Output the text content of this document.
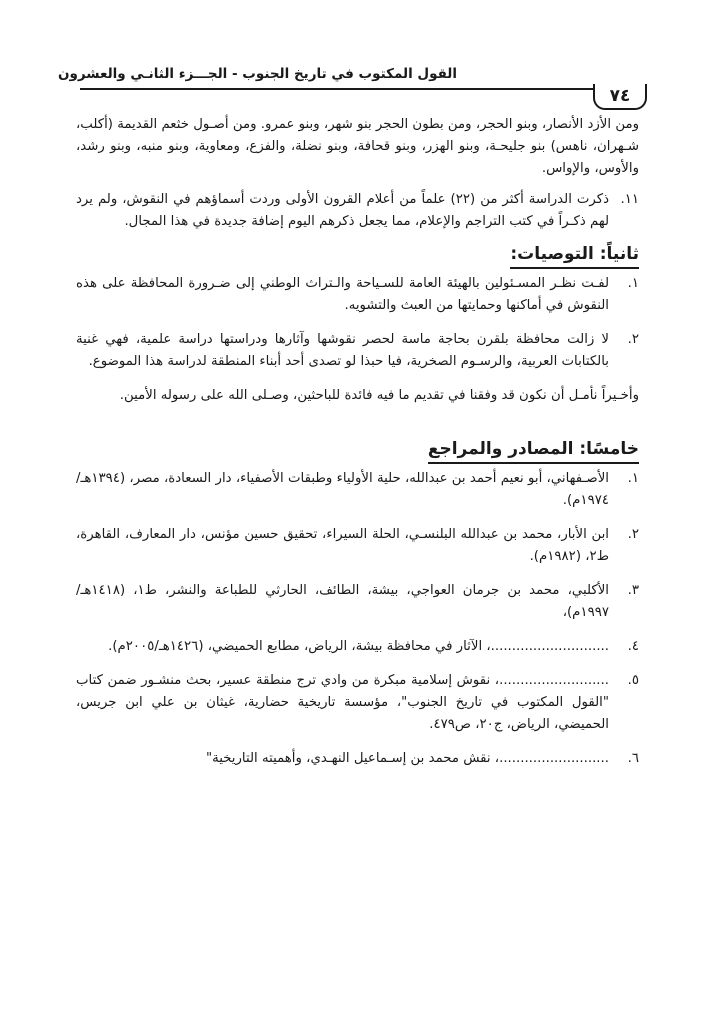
القول المكتوب في تاريخ الجنوب - الجـــزء الثانـي والعشرون
٧٤

ومن الأزد الأنصار، وبنو الحجر، ومن بطون الحجر بنو شهر، وبنو عمرو. ومن أصـول خثعم القديمة (أكلب، شـهران، ناهس) بنو جليحـة، وبنو الهزر، وبنو قحافة، وبنو نضلة، والفزع، ومعاوية، وبنو منبه، وبنو رشد، والأوس، والإواس.

١١.
ذكرت الدراسة أكثر من (٢٢) علماً من أعلام القرون الأولى وردت أسماؤهم في النقوش، ولم يرد لهم ذكـراً في كتب التراجم والإعلام، مما يجعل ذكرهم اليوم إضافة جديدة في هذا المجال.
ثانياً: التوصيات:
١.
لفـت نظـر المسـئولين بالهيئة العامة للسـياحة والـتراث الوطني إلى ضـرورة المحافظة على هذه النقوش في أماكنها وحمايتها من العبث والتشويه.
٢.
لا زالت محافظة بلقرن بحاجة ماسة لحصر نقوشها وآثارها ودراستها دراسة علمية، فهي غنية بالكتابات العربية، والرسـوم الصخرية، فيا حبذا لو تصدى أحد أبناء المنطقة لدراسة هذا الموضوع.

وأخـيراً نأمـل أن نكون قد وفقنا في تقديم ما فيه فائدة للباحثين، وصـلى الله على رسوله الأمين.

خامسًا: المصادر والمراجع
١.
الأصـفهاني، أبو نعيم أحمد بن عبدالله، حلية الأولياء وطبقات الأصفياء، دار السعادة، مصر، (١٣٩٤هـ/١٩٧٤م).
٢.
ابن الأبار، محمد بن عبدالله البلنسـي، الحلة السيراء، تحقيق حسين مؤنس، دار المعارف، القاهرة، ط٢، (١٩٨٢م).
٣.
الأكلبي، محمد بن جرمان العواجي، بيشة، الطائف، الحارثي للطباعة والنشر، ط١، (١٤١٨هـ/١٩٩٧م)،
٤.
............................، الآثار في محافظة بيشة، الرياض، مطابع الحميضي، (١٤٢٦هـ/٢٠٠٥م).
٥.
..........................، نقوش إسلامية مبكرة من وادي ترج منطقة عسير، بحث منشـور ضمن كتاب "القول المكتوب في تاريخ الجنوب"، مؤسسة تاريخية حضارية، غيثان بن علي ابن جريس، الحميضي، الرياض، ج٢٠، ص٤٧٩.
٦.
..........................، نقش محمد بن إسـماعيل النهـدي، وأهميته التاريخية"
